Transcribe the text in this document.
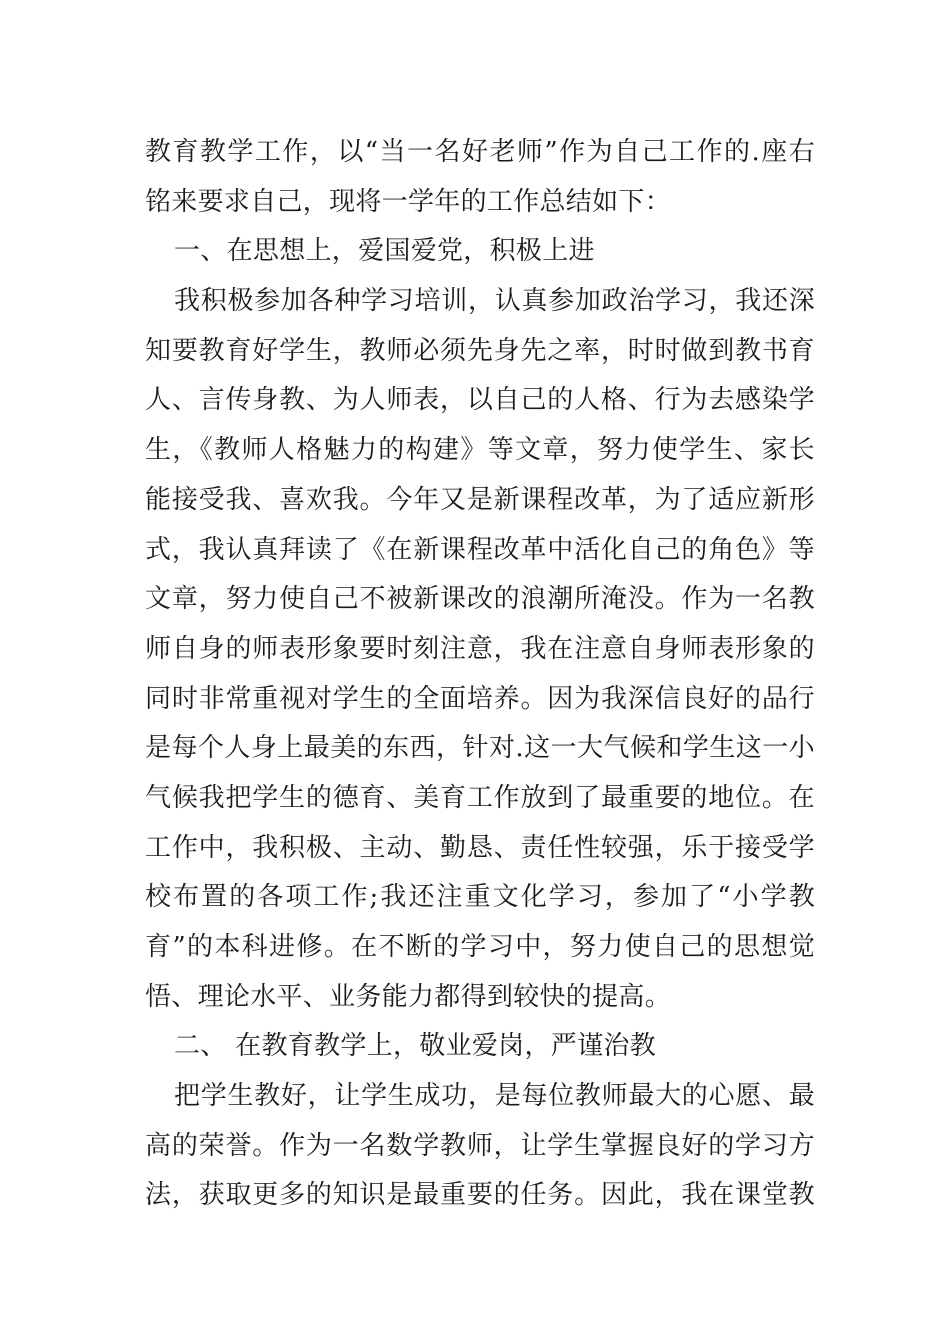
教育教学工作，以“当一名好老师”作为自己工作的.座右
铭来要求自己，现将一学年的工作总结如下：
一、在思想上，爱国爱党，积极上进
我积极参加各种学习培训，认真参加政治学习，我还深
知要教育好学生，教师必须先身先之率，时时做到教书育
人、言传身教、为人师表，以自己的人格、行为去感染学
生，《教师人格魅力的构建》等文章，努力使学生、家长
能接受我、喜欢我。今年又是新课程改革，为了适应新形
式，我认真拜读了《在新课程改革中活化自己的角色》等
文章，努力使自己不被新课改的浪潮所淹没。作为一名教
师自身的师表形象要时刻注意，我在注意自身师表形象的
同时非常重视对学生的全面培养。因为我深信良好的品行
是每个人身上最美的东西，针对.这一大气候和学生这一小
气候我把学生的德育、美育工作放到了最重要的地位。在
工作中，我积极、主动、勤恳、责任性较强，乐于接受学
校布置的各项工作;我还注重文化学习，参加了“小学教
育”的本科进修。在不断的学习中，努力使自己的思想觉
悟、理论水平、业务能力都得到较快的提高。
二、 在教育教学上，敬业爱岗，严谨治教
把学生教好，让学生成功，是每位教师最大的心愿、最
高的荣誉。作为一名数学教师，让学生掌握良好的学习方
法，获取更多的知识是最重要的任务。因此，我在课堂教
